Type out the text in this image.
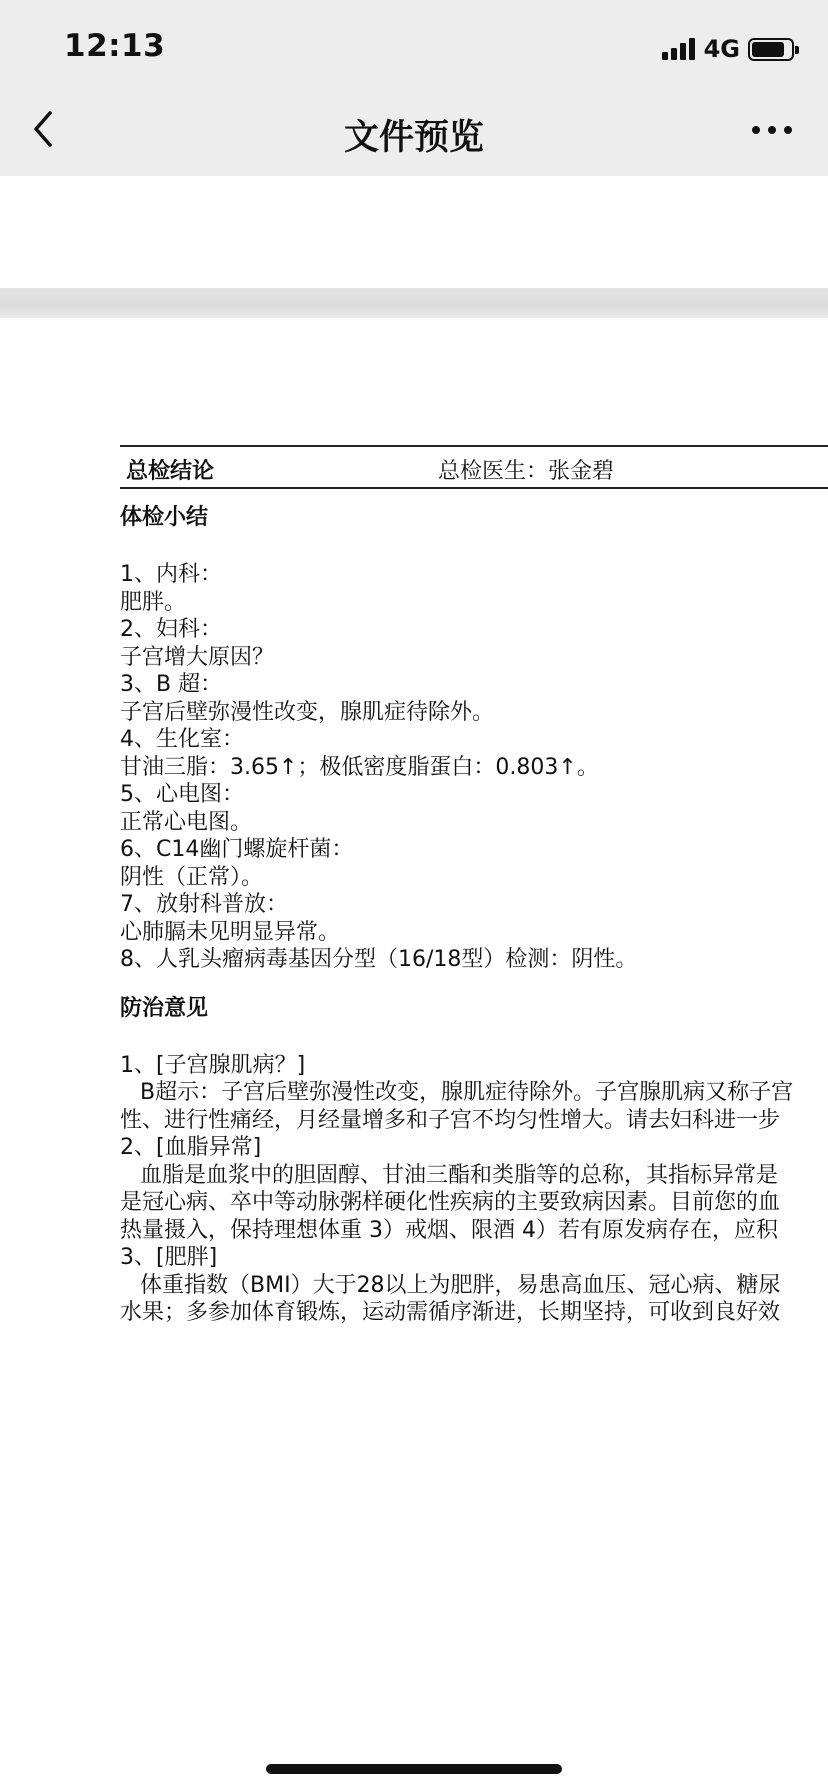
12:13	4G
文件预览
总检结论	总检医生：张金碧
体检小结
1、内科：
肥胖。
2、妇科：
子宫增大原因？
3、B 超：
子宫后壁弥漫性改变，腺肌症待除外。
4、生化室：
甘油三脂：3.65↑；极低密度脂蛋白：0.803↑。
5、心电图：
正常心电图。
6、C14幽门螺旋杆菌：
阴性（正常）。
7、放射科普放：
心肺膈未见明显异常。
8、人乳头瘤病毒基因分型（16/18型）检测：阴性。
防治意见
1、[子宫腺肌病？]
B超示：子宫后壁弥漫性改变，腺肌症待除外。子宫腺肌病又称子宫
性、进行性痛经，月经量增多和子宫不均匀性增大。请去妇科进一步
2、[血脂异常]
血脂是血浆中的胆固醇、甘油三酯和类脂等的总称，其指标异常是
是冠心病、卒中等动脉粥样硬化性疾病的主要致病因素。目前您的血
热量摄入，保持理想体重 3）戒烟、限酒 4）若有原发病存在，应积
3、[肥胖]
体重指数（BMI）大于28以上为肥胖，易患高血压、冠心病、糖尿
水果；多参加体育锻炼，运动需循序渐进，长期坚持，可收到良好效
